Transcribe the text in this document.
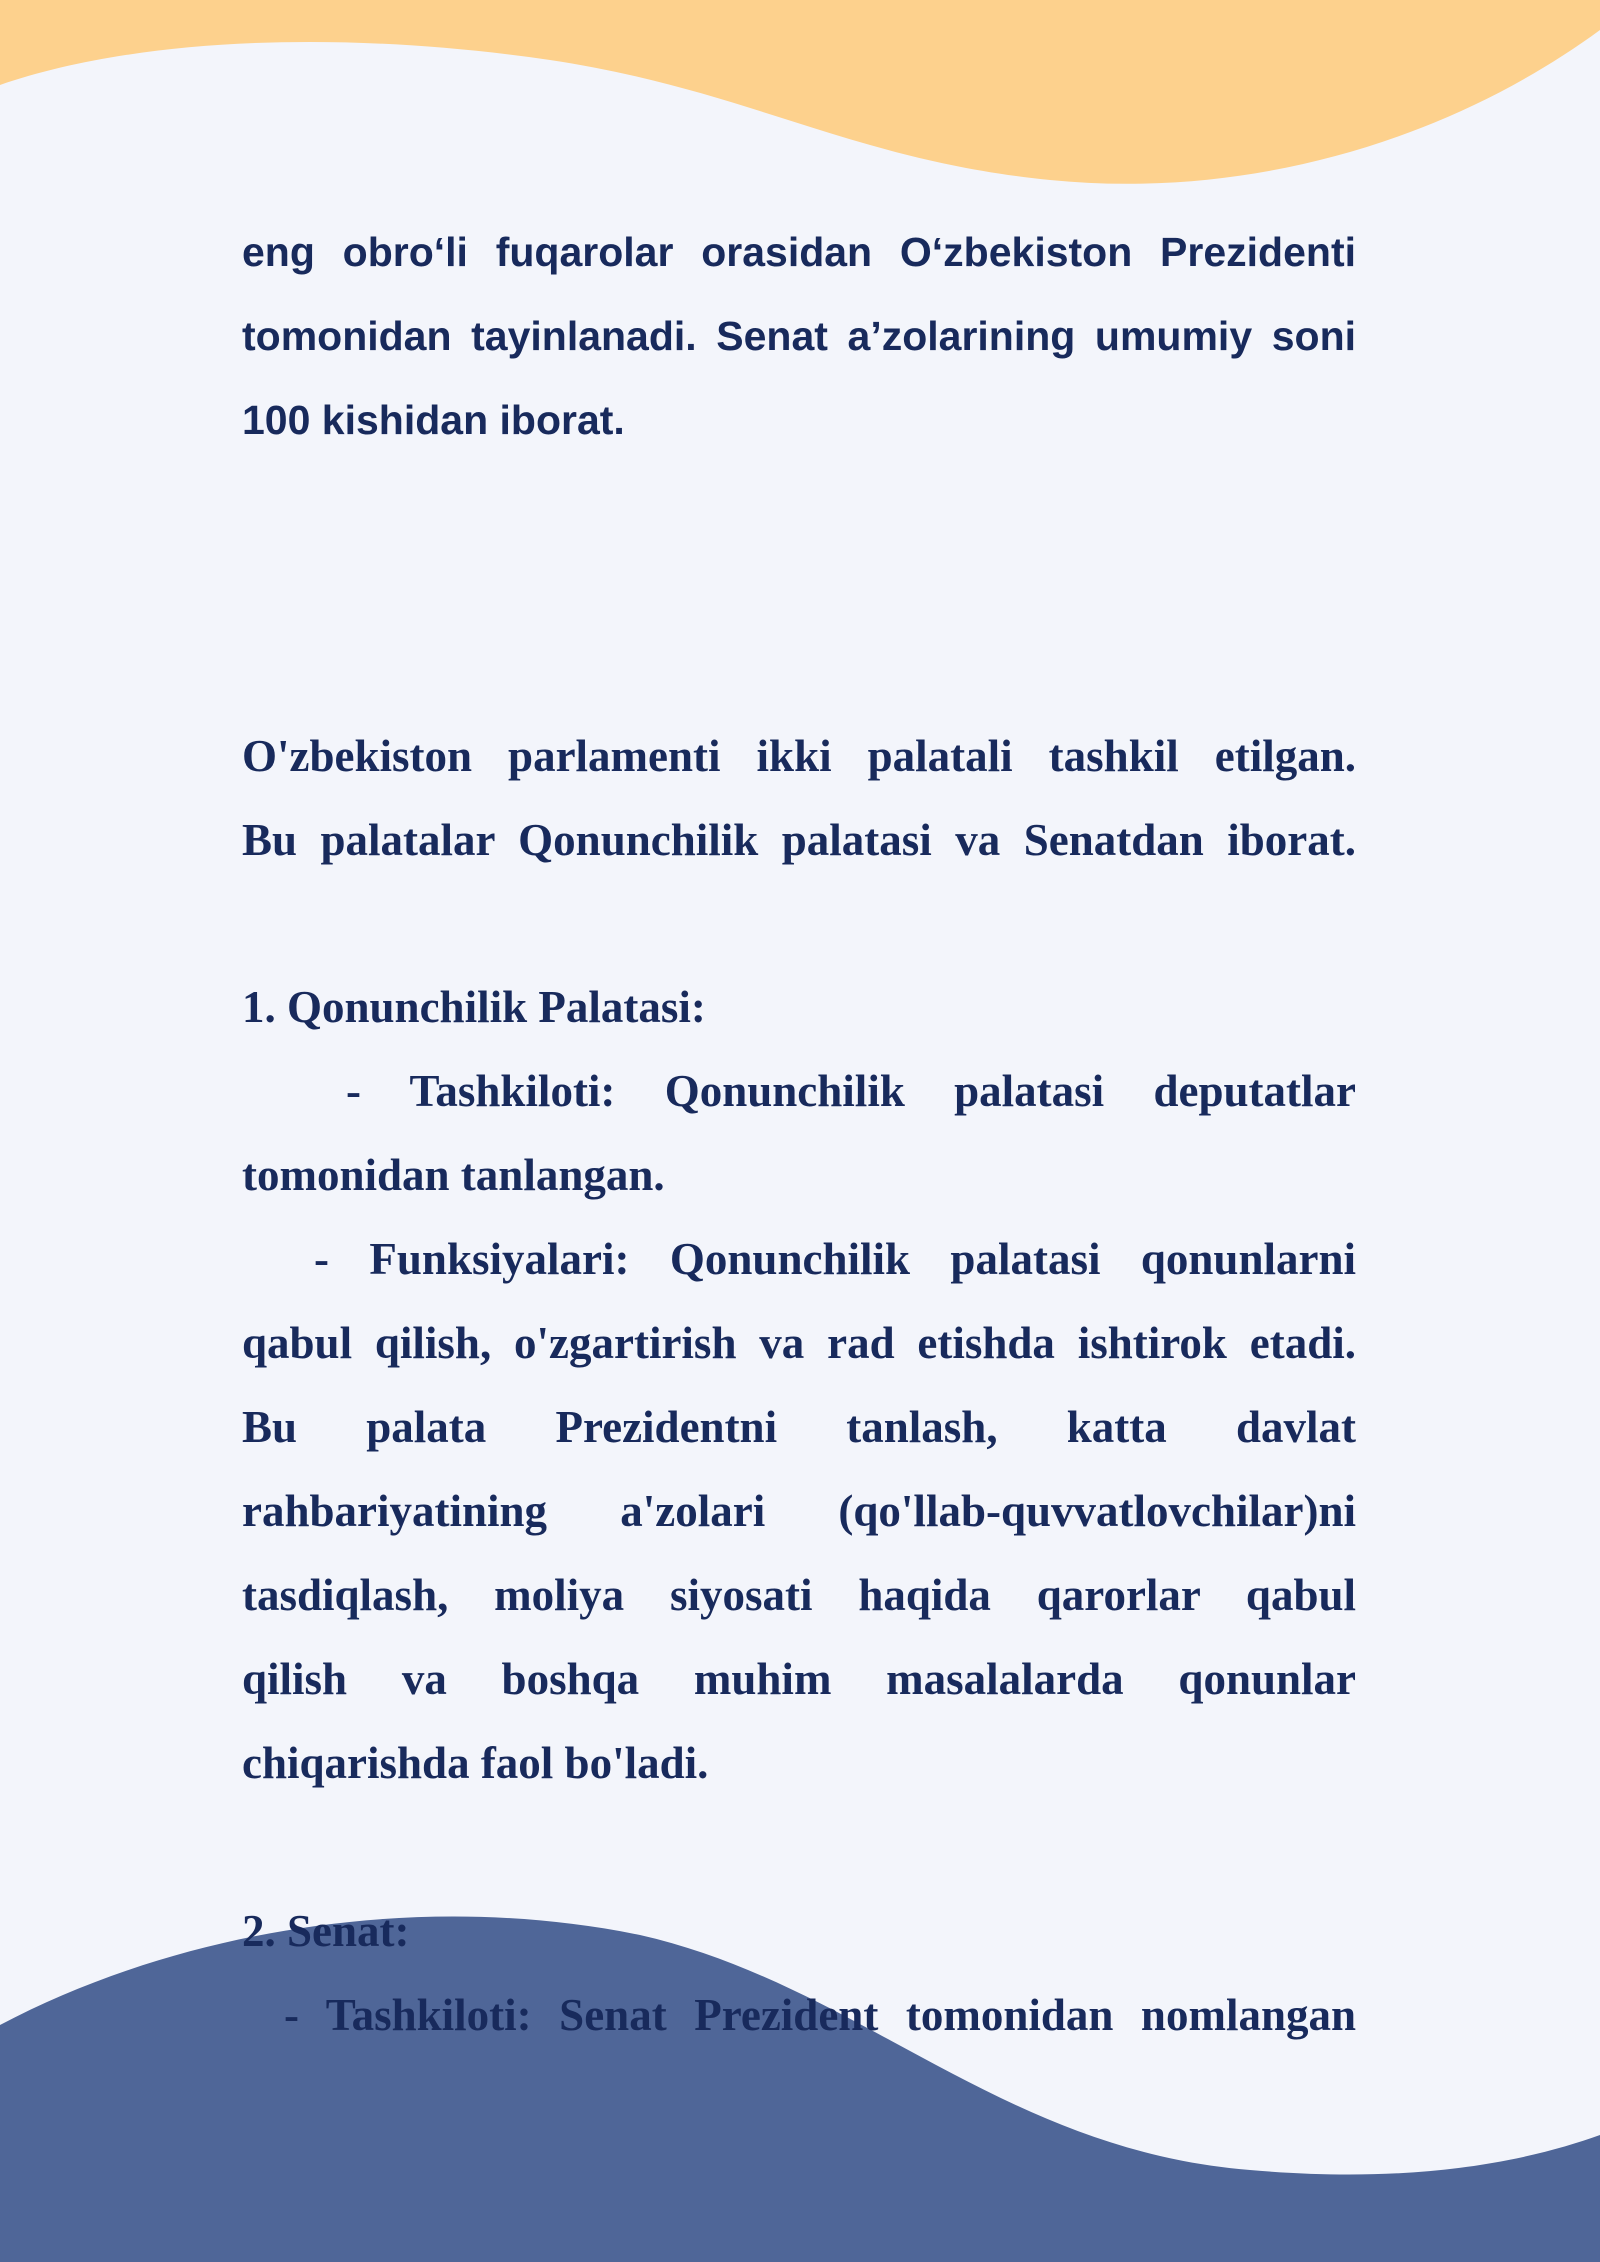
eng obro‘li fuqarolar orasidan O‘zbekiston Prezidenti
tomonidan tayinlanadi. Senat a’zolarining umumiy soni
100 kishidan iborat.
O'zbekiston parlamenti ikki palatali tashkil etilgan.
Bu palatalar Qonunchilik palatasi va Senatdan iborat.
1. Qonunchilik Palatasi:
- Tashkiloti: Qonunchilik palatasi deputatlar
tomonidan tanlangan.
- Funksiyalari: Qonunchilik palatasi qonunlarni
qabul qilish, o'zgartirish va rad etishda ishtirok etadi.
Bu palata Prezidentni tanlash, katta davlat
rahbariyatining a'zolari (qo'llab-quvvatlovchilar)ni
tasdiqlash, moliya siyosati haqida qarorlar qabul
qilish va boshqa muhim masalalarda qonunlar
chiqarishda faol bo'ladi.
2. Senat:
- Tashkiloti: Senat Prezident tomonidan nomlangan
